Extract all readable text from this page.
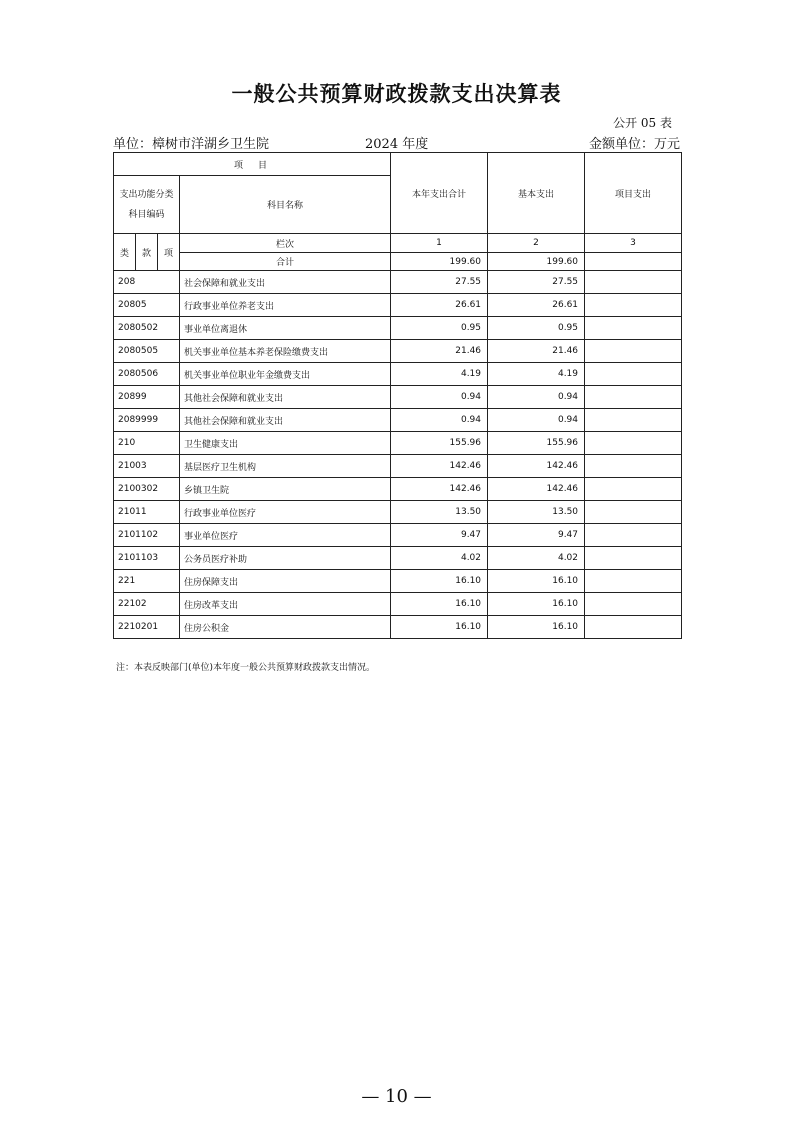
一般公共预算财政拨款支出决算表
公开 05 表
单位：樟树市洋湖乡卫生院	2024 年度	金额单位：万元
项　目				本年支出合计	基本支出	项目支出

支出功能分类
科目编码			科目名称			
类	款	项	栏次	1	2	3
			合计	199.60	199.60	
208			社会保障和就业支出	27.55	27.55	
20805			行政事业单位养老支出	26.61	26.61	
2080502			事业单位离退休	0.95	0.95	
2080505			机关事业单位基本养老保险缴费支出	21.46	21.46	
2080506			机关事业单位职业年金缴费支出	4.19	4.19	
20899			其他社会保障和就业支出	0.94	0.94	
2089999			其他社会保障和就业支出	0.94	0.94	
210			卫生健康支出	155.96	155.96	
21003			基层医疗卫生机构	142.46	142.46	
2100302			乡镇卫生院	142.46	142.46	
21011			行政事业单位医疗	13.50	13.50	
2101102			事业单位医疗	9.47	9.47	
2101103			公务员医疗补助	4.02	4.02	
221			住房保障支出	16.10	16.10	
22102			住房改革支出	16.10	16.10	
2210201			住房公积金	16.10	16.10	
注：本表反映部门(单位)本年度一般公共预算财政拨款支出情况。
— 10 —
